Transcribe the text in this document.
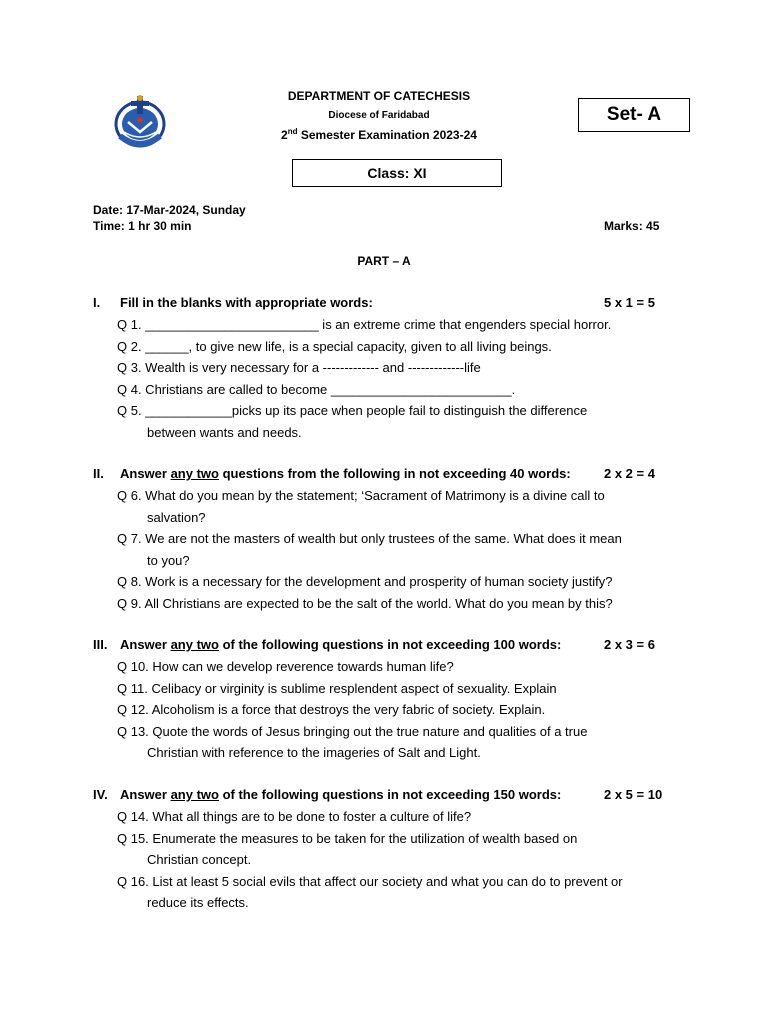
DEPARTMENT OF CATECHESIS
Diocese of Faridabad
2nd Semester Examination 2023-24
Set- A
Class: XI
Date: 17-Mar-2024, Sunday
Time: 1 hr 30 min	Marks: 45
PART – A
I. Fill in the blanks with appropriate words:	5 x 1 = 5
Q 1. ________________________ is an extreme crime that engenders special horror.
Q 2. ______, to give new life, is a special capacity, given to all living beings.
Q 3. Wealth is very necessary for a ------------- and -------------life
Q 4. Christians are called to become _________________________.
Q 5. ____________picks up its pace when people fail to distinguish the difference
between wants and needs.
II. Answer any two questions from the following in not exceeding 40 words:	2 x 2 = 4
Q 6. What do you mean by the statement; ‘Sacrament of Matrimony is a divine call to
salvation?
Q 7. We are not the masters of wealth but only trustees of the same. What does it mean
to you?
Q 8. Work is a necessary for the development and prosperity of human society justify?
Q 9. All Christians are expected to be the salt of the world. What do you mean by this?
III. Answer any two of the following questions in not exceeding 100 words:	2 x 3 = 6
Q 10. How can we develop reverence towards human life?
Q 11. Celibacy or virginity is sublime resplendent aspect of sexuality. Explain
Q 12. Alcoholism is a force that destroys the very fabric of society. Explain.
Q 13. Quote the words of Jesus bringing out the true nature and qualities of a true
Christian with reference to the imageries of Salt and Light.
IV. Answer any two of the following questions in not exceeding 150 words:	2 x 5 = 10
Q 14. What all things are to be done to foster a culture of life?
Q 15. Enumerate the measures to be taken for the utilization of wealth based on
Christian concept.
Q 16. List at least 5 social evils that affect our society and what you can do to prevent or
reduce its effects.
